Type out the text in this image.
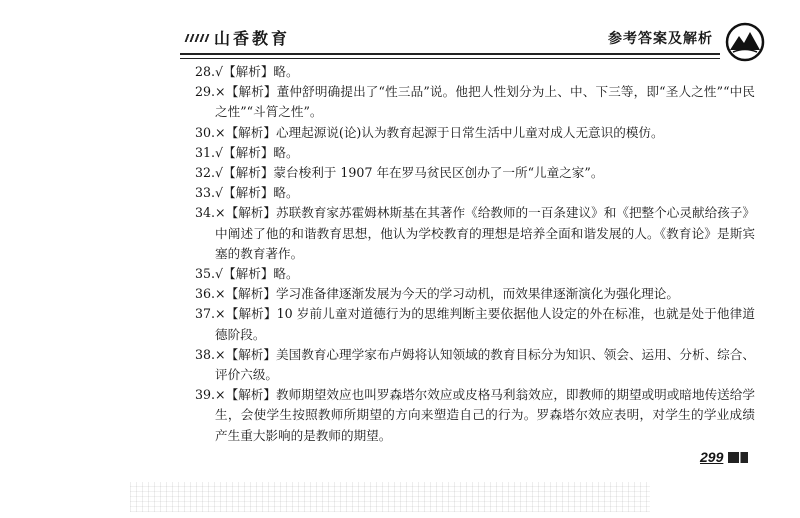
山香教育	参考答案及解析
28. √【解析】略。
29. ×【解析】董仲舒明确提出了“性三品”说。他把人性划分为上、中、下三等，即“圣人之性”“中民之性”“斗筲之性”。
30. ×【解析】心理起源说(论)认为教育起源于日常生活中儿童对成人无意识的模仿。
31. √【解析】略。
32. √【解析】蒙台梭利于 1907 年在罗马贫民区创办了一所“儿童之家”。
33. √【解析】略。
34. ×【解析】苏联教育家苏霍姆林斯基在其著作《给教师的一百条建议》和《把整个心灵献给孩子》中阐述了他的和谐教育思想，他认为学校教育的理想是培养全面和谐发展的人。《教育论》是斯宾塞的教育著作。
35. √【解析】略。
36. ×【解析】学习准备律逐渐发展为今天的学习动机，而效果律逐渐演化为强化理论。
37. ×【解析】10 岁前儿童对道德行为的思维判断主要依据他人设定的外在标准，也就是处于他律道德阶段。
38. ×【解析】美国教育心理学家布卢姆将认知领域的教育目标分为知识、领会、运用、分析、综合、评价六级。
39. ×【解析】教师期望效应也叫罗森塔尔效应或皮格马利翁效应，即教师的期望或明或暗地传送给学生，会使学生按照教师所期望的方向来塑造自己的行为。罗森塔尔效应表明，对学生的学业成绩产生重大影响的是教师的期望。
299
